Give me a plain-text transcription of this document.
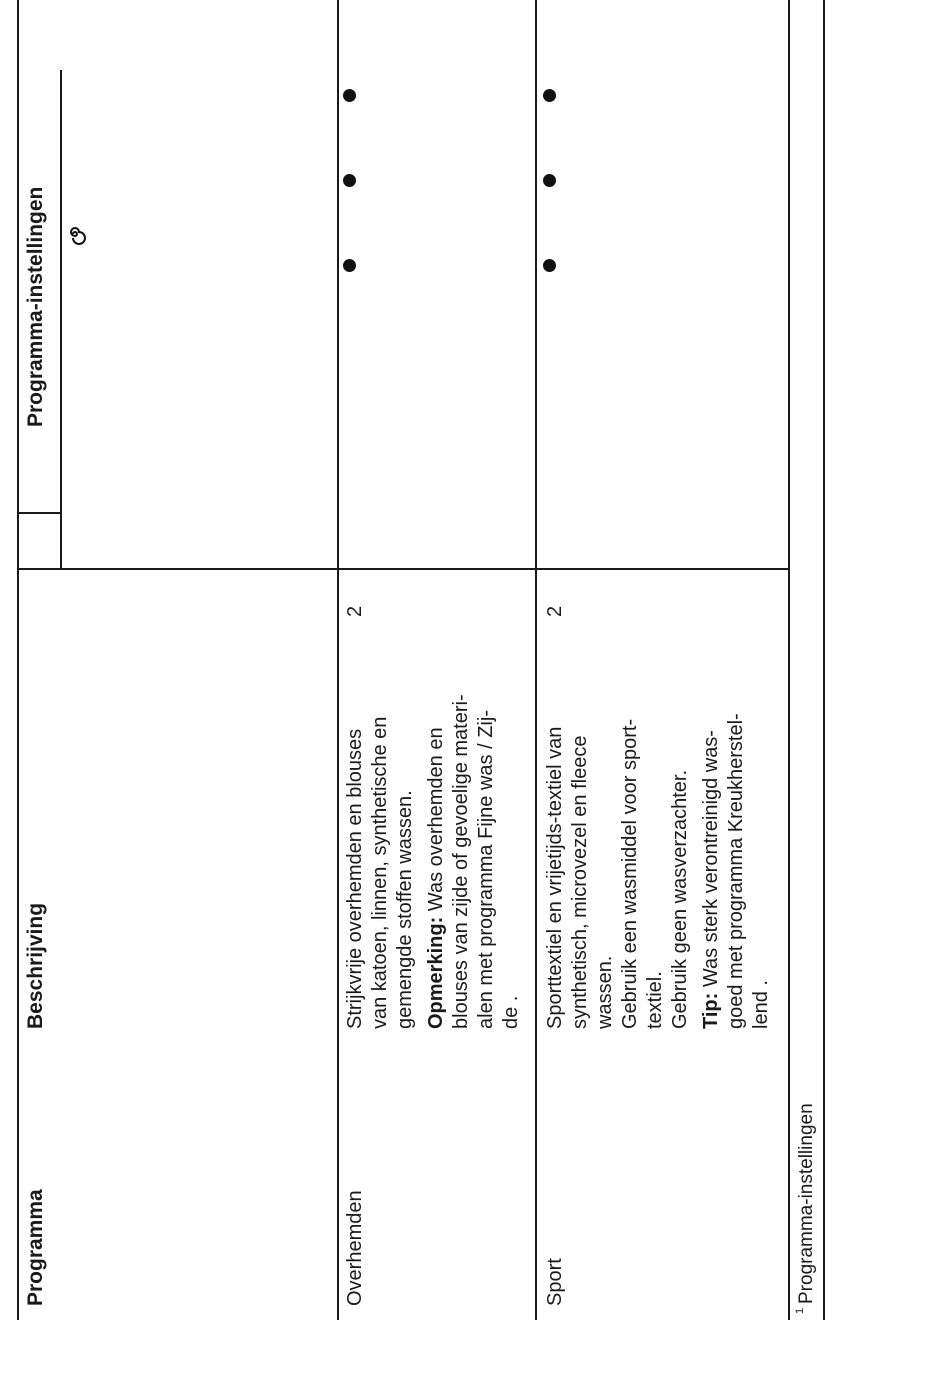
Programma
Beschrijving
Programma-instellingen
Overhemden
Strijkvrije overhemden en blouses van katoen, linnen, synthetische en gemengde stoffen wassen. Opmerking: Was overhemden en blouses van zijde of gevoelige materi- alen met programma Fijne was / Zij- de .
2
Sport
Sporttextiel en vrijetijds-textiel van synthetisch, microvezel en fleece wassen. Gebruik een wasmiddel voor sport- textiel. Gebruik geen wasverzachter. Tip: Was sterk verontreinigd was- goed met programma Kreukherstel- lend .
2
1
Programma-instellingen
